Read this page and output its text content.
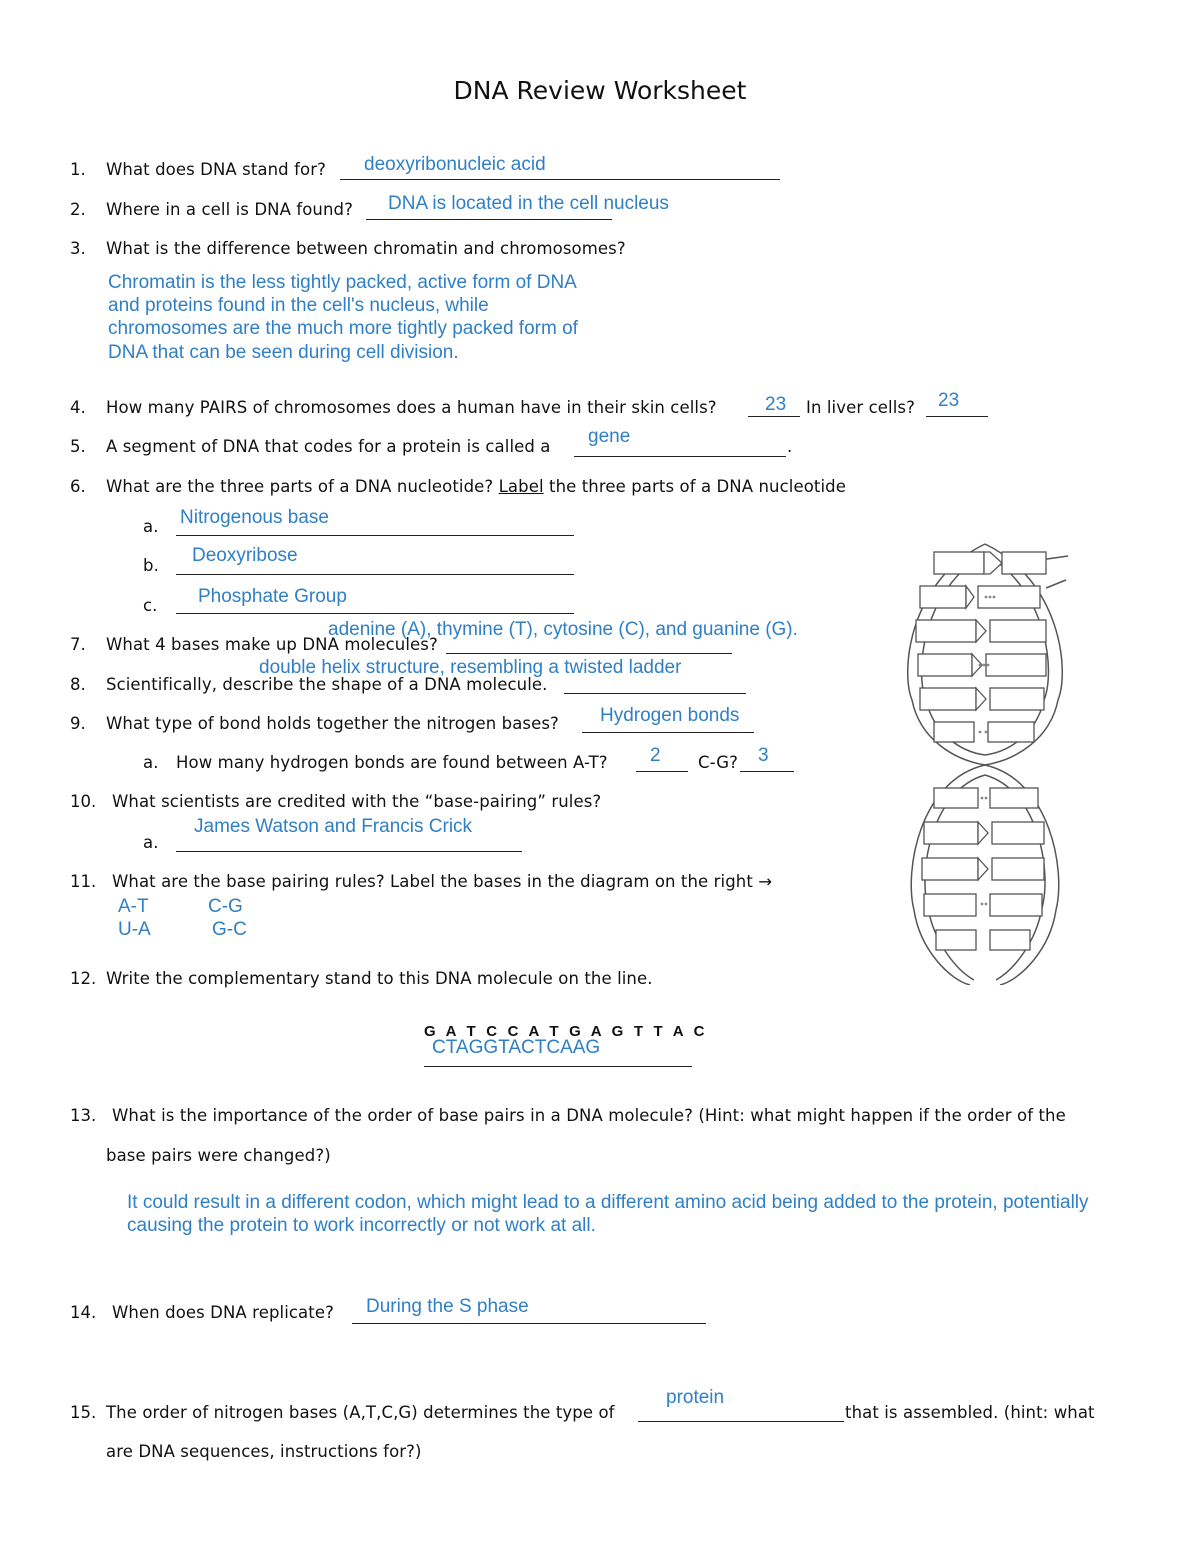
DNA Review Worksheet
1. What does DNA stand for? deoxyribonucleic acid
2. Where in a cell is DNA found? DNA is located in the cell nucleus
3. What is the difference between chromatin and chromosomes?
Chromatin is the less tightly packed, active form of DNA
and proteins found in the cell's nucleus, while
chromosomes are the much more tightly packed form of
DNA that can be seen during cell division.
4. How many PAIRS of chromosomes does a human have in their skin cells?	23 In liver cells? 23
5. A segment of DNA that codes for a protein is called a gene	.
6. What are the three parts of a DNA nucleotide? Label the three parts of a DNA nucleotide
a. Nitrogenous base
b. Deoxyribose
c. Phosphate Group
7. What 4 bases make up DNA molecules?
adenine (A), thymine (T), cytosine (C), and guanine (G).
8. Scientifically, describe the shape of a DNA molecule.
double helix structure, resembling a twisted ladder
9. What type of bond holds together the nitrogen bases? Hydrogen bonds
a. How many hydrogen bonds are found between A-T? 2 C-G? 3
10. What scientists are credited with the “base-pairing” rules?
a.
James Watson and Francis Crick
11. What are the base pairing rules? Label the bases in the diagram on the right →
A-T	C-G
U-A	G-C
12. Write the complementary stand to this DNA molecule on the line.
G A T C C A T G A G T T A C
CTAGGTACTCAAG
13. What is the importance of the order of base pairs in a DNA molecule? (Hint: what might happen if the order of the
base pairs were changed?)
It could result in a different codon, which might lead to a different amino acid being added to the protein, potentially
causing the protein to work incorrectly or not work at all.
14. When does DNA replicate? During the S phase
15. The order of nitrogen bases (A,T,C,G) determines the type of
protein
that is assembled. (hint: what
are DNA sequences, instructions for?)
